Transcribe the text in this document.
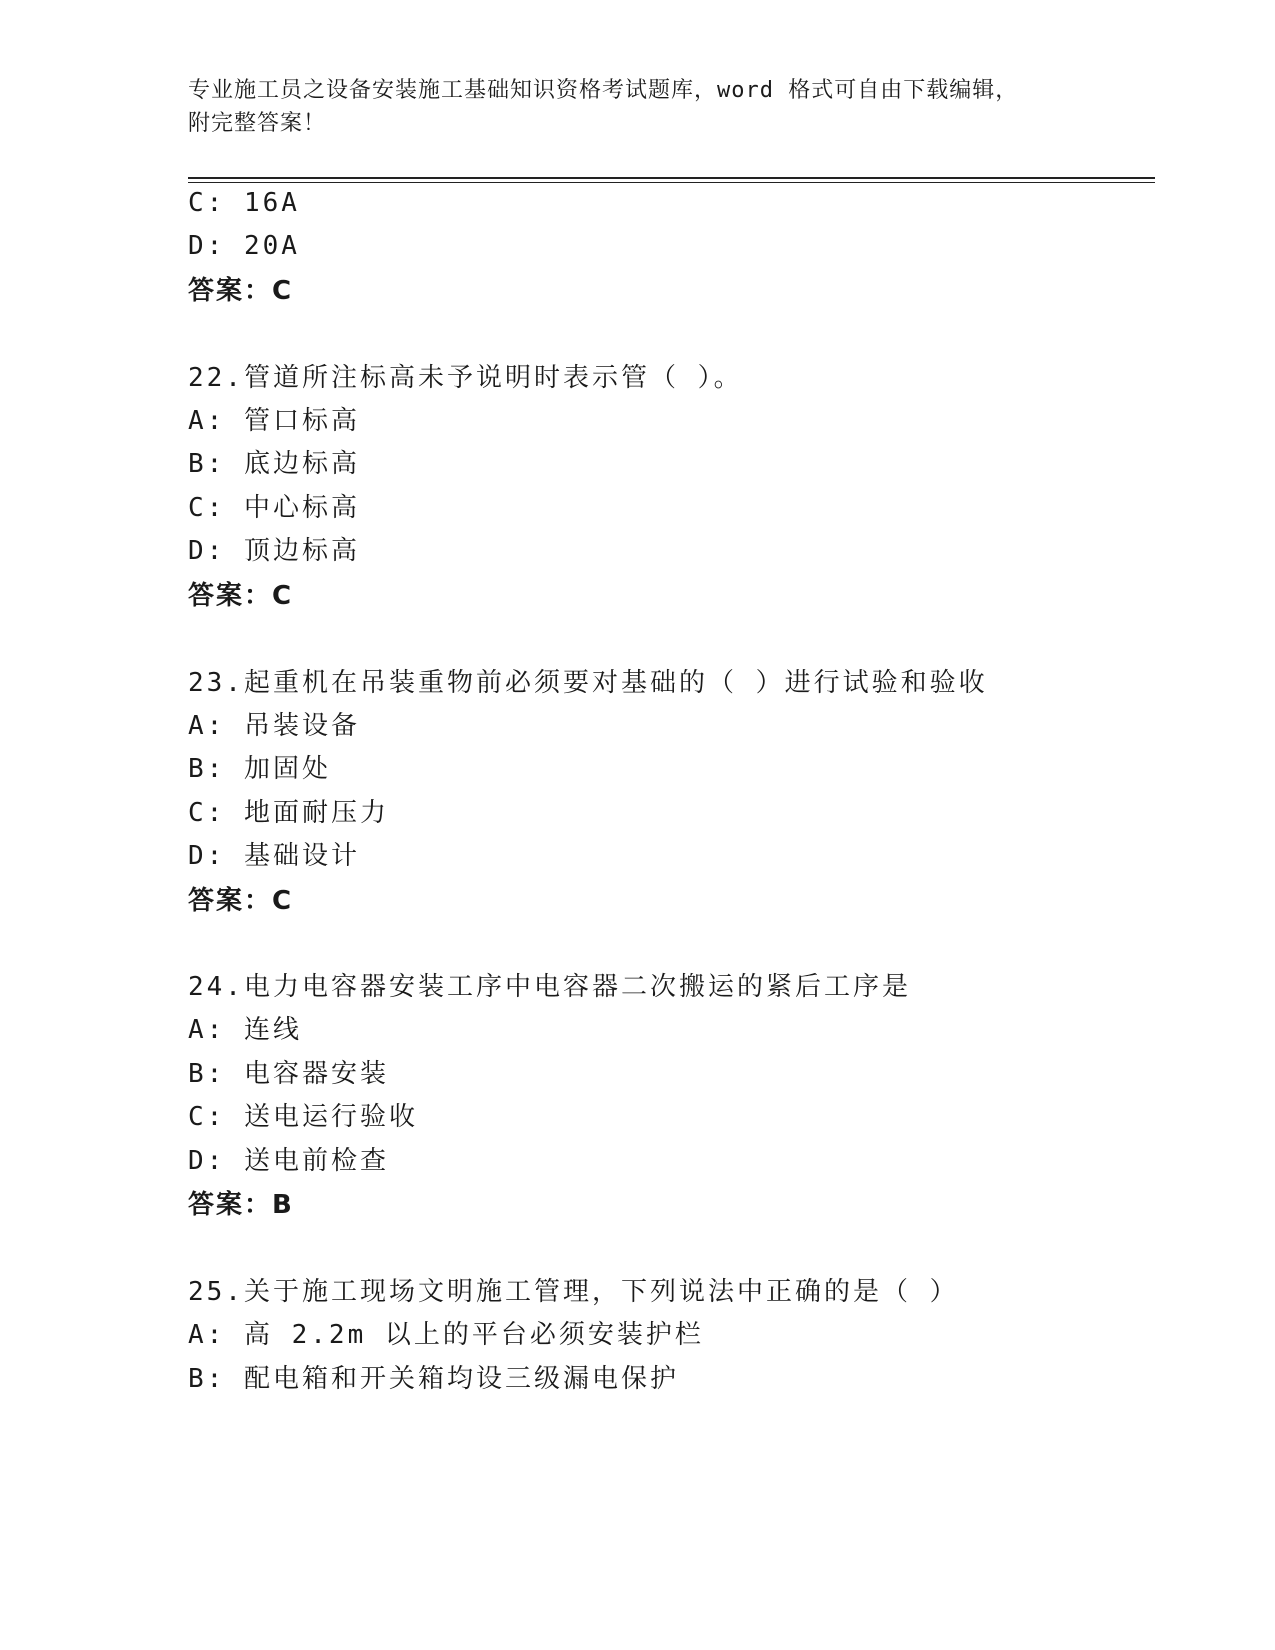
专业施工员之设备安装施工基础知识资格考试题库，word 格式可自由下载编辑，
附完整答案！
C: 16A
D: 20A
答案：C
22.管道所注标高未予说明时表示管（ ）。
A: 管口标高
B: 底边标高
C: 中心标高
D: 顶边标高
答案：C
23.起重机在吊装重物前必须要对基础的（ ）进行试验和验收
A: 吊装设备
B: 加固处
C: 地面耐压力
D: 基础设计
答案：C
24.电力电容器安装工序中电容器二次搬运的紧后工序是
A: 连线
B: 电容器安装
C: 送电运行验收
D: 送电前检查
答案：B
25.关于施工现场文明施工管理，下列说法中正确的是（ ）
A: 高 2.2m 以上的平台必须安装护栏
B: 配电箱和开关箱均设三级漏电保护
